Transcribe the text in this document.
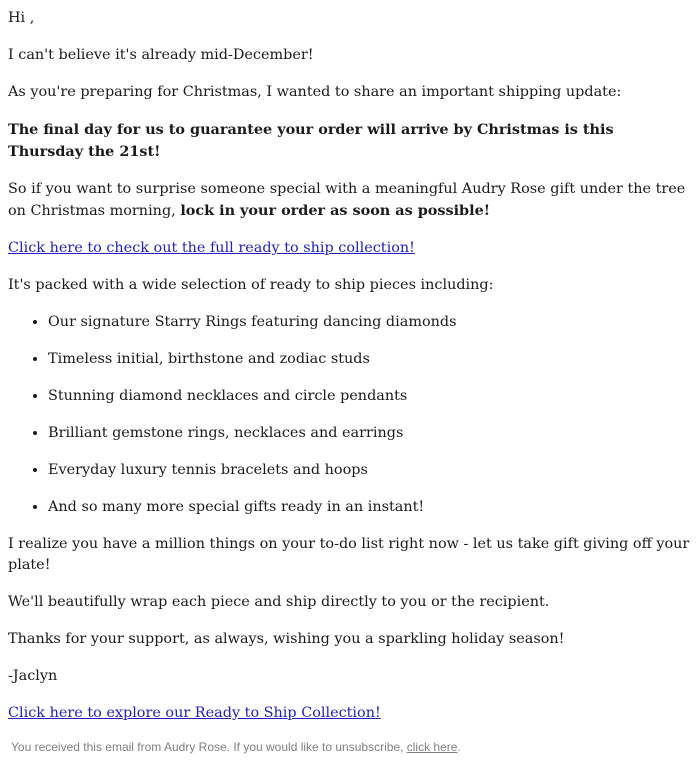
Hi ,

I can't believe it's already mid-December!

As you're preparing for Christmas, I wanted to share an important shipping update:

The final day for us to guarantee your order will arrive by Christmas is this Thursday the 21st!

So if you want to surprise someone special with a meaningful Audry Rose gift under the tree on Christmas morning, lock in your order as soon as possible!

Click here to check out the full ready to ship collection!

It's packed with a wide selection of ready to ship pieces including:

• Our signature Starry Rings featuring dancing diamonds
• Timeless initial, birthstone and zodiac studs
• Stunning diamond necklaces and circle pendants
• Brilliant gemstone rings, necklaces and earrings
• Everyday luxury tennis bracelets and hoops
• And so many more special gifts ready in an instant!

I realize you have a million things on your to-do list right now - let us take gift giving off your plate!

We'll beautifully wrap each piece and ship directly to you or the recipient.

Thanks for your support, as always, wishing you a sparkling holiday season!

-Jaclyn

Click here to explore our Ready to Ship Collection!

You received this email from Audry Rose. If you would like to unsubscribe, click here.
